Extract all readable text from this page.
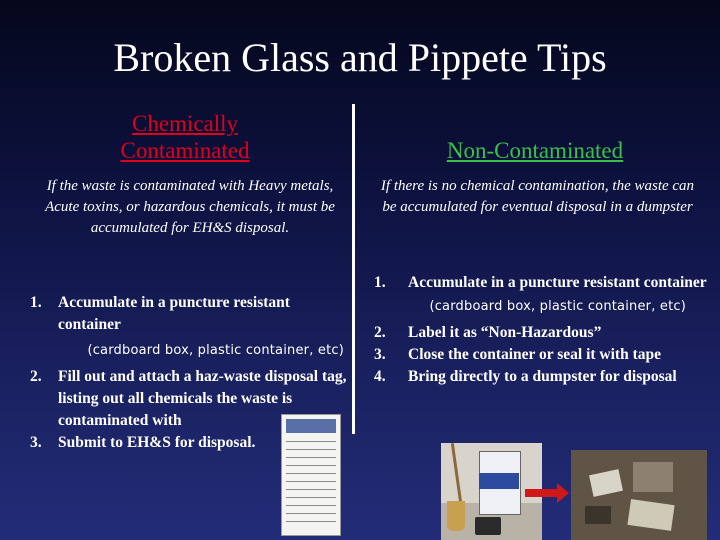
Broken Glass and Pippete Tips
Chemically
Contaminated	Non-Contaminated
If the waste is contaminated with Heavy metals, Acute toxins, or hazardous chemicals, it must be accumulated for EH&S disposal.
If there is no chemical contamination, the waste can be accumulated for eventual disposal in a dumpster
1. Accumulate in a puncture resistant container
(cardboard box, plastic container, etc)
2. Fill out and attach a haz-waste disposal tag, listing out all chemicals the waste is contaminated with
3. Submit to EH&S for disposal.
1. Accumulate in a puncture resistant container
(cardboard box, plastic container, etc)
2. Label it as “Non-Hazardous”
3. Close the container or seal it with tape
4. Bring directly to a dumpster for disposal
